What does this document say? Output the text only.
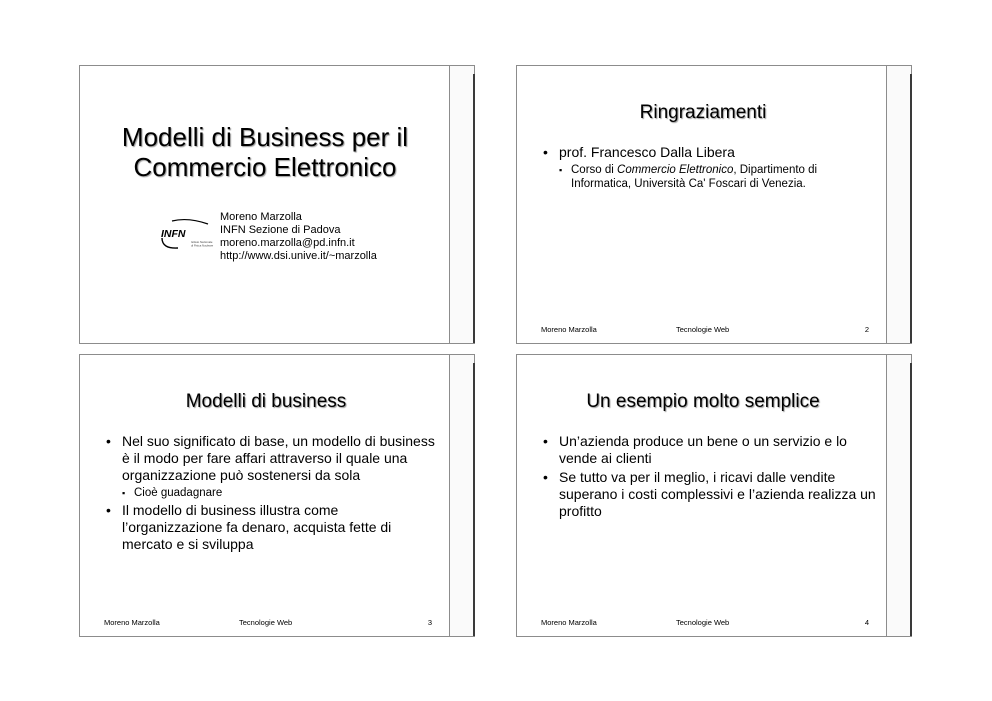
Modelli di Business per il
Commercio Elettronico
INFN
Istituto Nazionale
di Fisica Nucleare
Moreno Marzolla
INFN Sezione di Padova
moreno.marzolla@pd.infn.it
http://www.dsi.unive.it/~marzolla
Ringraziamenti
• prof. Francesco Dalla Libera
▪ Corso di Commercio Elettronico, Dipartimento di Informatica, Università Ca' Foscari di Venezia.
Moreno Marzolla	Tecnologie Web	2
Modelli di business
• Nel suo significato di base, un modello di business è il modo per fare affari attraverso il quale una organizzazione può sostenersi da sola
▪ Cioè guadagnare
• Il modello di business illustra come l’organizzazione fa denaro, acquista fette di mercato e si sviluppa
Moreno Marzolla	Tecnologie Web	3
Un esempio molto semplice
• Un’azienda produce un bene o un servizio e lo vende ai clienti
• Se tutto va per il meglio, i ricavi dalle vendite superano i costi complessivi e l’azienda realizza un profitto
Moreno Marzolla	Tecnologie Web	4
